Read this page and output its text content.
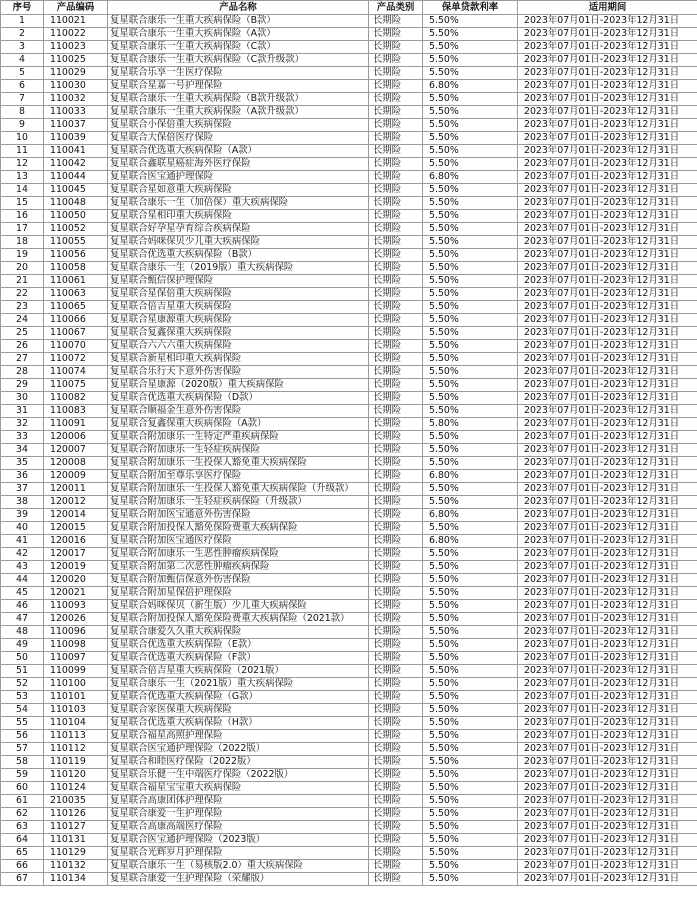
序号	产品编码	产品名称	产品类别	保单贷款利率	适用期间
1	110021	复星联合康乐一生重大疾病保险（B款）	长期险	5.50%	2023年07月01日-2023年12月31日
2	110022	复星联合康乐一生重大疾病保险（A款）	长期险	5.50%	2023年07月01日-2023年12月31日
3	110023	复星联合康乐一生重大疾病保险（C款）	长期险	5.50%	2023年07月01日-2023年12月31日
4	110025	复星联合康乐一生重大疾病保险（C款升级款）	长期险	5.50%	2023年07月01日-2023年12月31日
5	110029	复星联合乐享一生医疗保险	长期险	5.50%	2023年07月01日-2023年12月31日
6	110030	复星联合星嘉一号护理保险	长期险	6.80%	2023年07月01日-2023年12月31日
7	110032	复星联合康乐一生重大疾病保险（B款升级款）	长期险	5.50%	2023年07月01日-2023年12月31日
8	110033	复星联合康乐一生重大疾病保险（A款升级款）	长期险	5.50%	2023年07月01日-2023年12月31日
9	110037	复星联合小保倍重大疾病保险	长期险	5.50%	2023年07月01日-2023年12月31日
10	110039	复星联合大保倍医疗保险	长期险	5.50%	2023年07月01日-2023年12月31日
11	110041	复星联合优选重大疾病保险（A款）	长期险	5.50%	2023年07月01日-2023年12月31日
12	110042	复星联合鑫联星癌症海外医疗保险	长期险	5.50%	2023年07月01日-2023年12月31日
13	110044	复星联合医宝通护理保险	长期险	6.80%	2023年07月01日-2023年12月31日
14	110045	复星联合星如意重大疾病保险	长期险	5.50%	2023年07月01日-2023年12月31日
15	110048	复星联合康乐一生（加倍保）重大疾病保险	长期险	5.50%	2023年07月01日-2023年12月31日
16	110050	复星联合星相印重大疾病保险	长期险	5.50%	2023年07月01日-2023年12月31日
17	110052	复星联合好孕星孕育综合疾病保险	长期险	5.50%	2023年07月01日-2023年12月31日
18	110055	复星联合妈咪保贝少儿重大疾病保险	长期险	5.50%	2023年07月01日-2023年12月31日
19	110056	复星联合优选重大疾病保险（B款）	长期险	5.50%	2023年07月01日-2023年12月31日
20	110058	复星联合康乐一生（2019版）重大疾病保险	长期险	5.50%	2023年07月01日-2023年12月31日
21	110061	复星联合甄信保护理保险	长期险	5.50%	2023年07月01日-2023年12月31日
22	110063	复星联合星保倍重大疾病保险	长期险	5.50%	2023年07月01日-2023年12月31日
23	110065	复星联合倍吉星重大疾病保险	长期险	5.50%	2023年07月01日-2023年12月31日
24	110066	复星联合星康源重大疾病保险	长期险	5.50%	2023年07月01日-2023年12月31日
25	110067	复星联合复鑫保重大疾病保险	长期险	5.50%	2023年07月01日-2023年12月31日
26	110070	复星联合六六六重大疾病保险	长期险	5.50%	2023年07月01日-2023年12月31日
27	110072	复星联合新星相印重大疾病保险	长期险	5.50%	2023年07月01日-2023年12月31日
28	110074	复星联合乐行天下意外伤害保险	长期险	5.50%	2023年07月01日-2023年12月31日
29	110075	复星联合星康源（2020版）重大疾病保险	长期险	5.50%	2023年07月01日-2023年12月31日
30	110082	复星联合优选重大疾病保险（D款）	长期险	5.50%	2023年07月01日-2023年12月31日
31	110083	复星联合顺福金生意外伤害保险	长期险	5.50%	2023年07月01日-2023年12月31日
32	110091	复星联合复鑫保重大疾病保险（A款）	长期险	5.80%	2023年07月01日-2023年12月31日
33	120006	复星联合附加康乐一生特定严重疾病保险	长期险	5.50%	2023年07月01日-2023年12月31日
34	120007	复星联合附加康乐一生轻症疾病保险	长期险	5.50%	2023年07月01日-2023年12月31日
35	120008	复星联合附加康乐一生投保人豁免重大疾病保险	长期险	5.50%	2023年07月01日-2023年12月31日
36	120009	复星联合附加至尊乐享医疗保险	长期险	6.80%	2023年07月01日-2023年12月31日
37	120011	复星联合附加康乐一生投保人豁免重大疾病保险（升级款）	长期险	5.50%	2023年07月01日-2023年12月31日
38	120012	复星联合附加康乐一生轻症疾病保险（升级款）	长期险	5.50%	2023年07月01日-2023年12月31日
39	120014	复星联合附加医宝通意外伤害保险	长期险	6.80%	2023年07月01日-2023年12月31日
40	120015	复星联合附加投保人豁免保险费重大疾病保险	长期险	5.50%	2023年07月01日-2023年12月31日
41	120016	复星联合附加医宝通医疗保险	长期险	6.80%	2023年07月01日-2023年12月31日
42	120017	复星联合附加康乐一生恶性肿瘤疾病保险	长期险	5.50%	2023年07月01日-2023年12月31日
43	120019	复星联合附加第二次恶性肿瘤疾病保险	长期险	5.50%	2023年07月01日-2023年12月31日
44	120020	复星联合附加甄信保意外伤害保险	长期险	5.50%	2023年07月01日-2023年12月31日
45	120021	复星联合附加星保倍护理保险	长期险	5.50%	2023年07月01日-2023年12月31日
46	110093	复星联合妈咪保贝（新生版）少儿重大疾病保险	长期险	5.50%	2023年07月01日-2023年12月31日
47	120026	复星联合附加投保人豁免保险费重大疾病保险（2021款）	长期险	5.50%	2023年07月01日-2023年12月31日
48	110096	复星联合康爱久久重大疾病保险	长期险	5.50%	2023年07月01日-2023年12月31日
49	110098	复星联合优选重大疾病保险（E款）	长期险	5.50%	2023年07月01日-2023年12月31日
50	110097	复星联合优选重大疾病保险（F款）	长期险	5.50%	2023年07月01日-2023年12月31日
51	110099	复星联合倍吉星重大疾病保险（2021版）	长期险	5.50%	2023年07月01日-2023年12月31日
52	110100	复星联合康乐一生（2021版）重大疾病保险	长期险	5.50%	2023年07月01日-2023年12月31日
53	110101	复星联合优选重大疾病保险（G款）	长期险	5.50%	2023年07月01日-2023年12月31日
54	110103	复星联合家医保重大疾病保险	长期险	5.50%	2023年07月01日-2023年12月31日
55	110104	复星联合优选重大疾病保险（H款）	长期险	5.50%	2023年07月01日-2023年12月31日
56	110113	复星联合福星高照护理保险	长期险	5.50%	2023年07月01日-2023年12月31日
57	110112	复星联合医宝通护理保险（2022版）	长期险	5.50%	2023年07月01日-2023年12月31日
58	110119	复星联合和睦医疗保险（2022版）	长期险	5.50%	2023年07月01日-2023年12月31日
59	110120	复星联合乐健一生中端医疗保险（2022版）	长期险	5.50%	2023年07月01日-2023年12月31日
60	110124	复星联合福星宝宝重大疾病保险	长期险	5.50%	2023年07月01日-2023年12月31日
61	210035	复星联合高康团体护理保险	长期险	5.50%	2023年07月01日-2023年12月31日
62	110126	复星联合康爱一生护理保险	长期险	5.50%	2023年07月01日-2023年12月31日
63	110127	复星联合高康高端医疗保险	长期险	5.50%	2023年07月01日-2023年12月31日
64	110131	复星联合医宝通护理保险（2023版）	长期险	5.50%	2023年07月01日-2023年12月31日
65	110129	复星联合光辉岁月护理保险	长期险	5.50%	2023年07月01日-2023年12月31日
66	110132	复星联合康乐一生（易核版2.0）重大疾病保险	长期险	5.50%	2023年07月01日-2023年12月31日
67	110134	复星联合康爱一生护理保险（荣耀版）	长期险	5.50%	2023年07月01日-2023年12月31日
